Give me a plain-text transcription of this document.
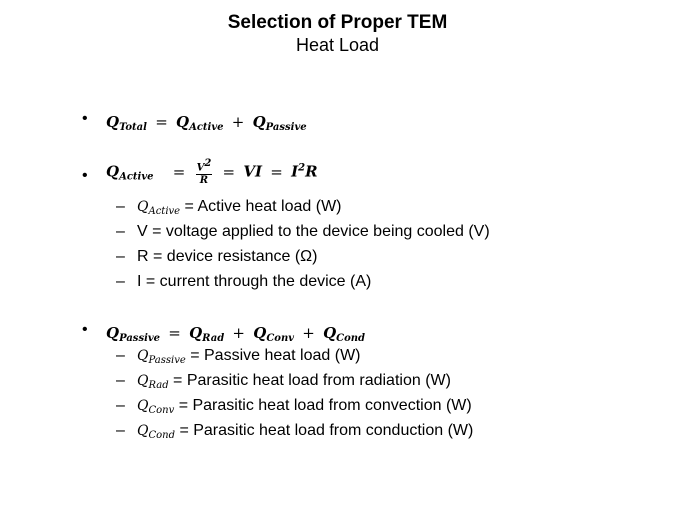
Selection of Proper TEM
Heat Load
• $Q_{Total} = Q_{Active} + Q_{Passive}$
• $Q_{Active} = \frac{V^2}{R}$ = VI = $I^2R$
– $Q_{Active}$ = Active heat load (W)
– V = voltage applied to the device being cooled (V)
– R = device resistance (Ω)
– I = current through the device (A)
• $Q_{Passive} = Q_{Rad} + Q_{Conv} + Q_{Cond}$
– $Q_{Passive}$ = Passive heat load (W)
– $Q_{Rad}$ = Parasitic heat load from radiation (W)
– $Q_{Conv}$ = Parasitic heat load from convection (W)
– $Q_{Cond}$ = Parasitic heat load from conduction (W)
